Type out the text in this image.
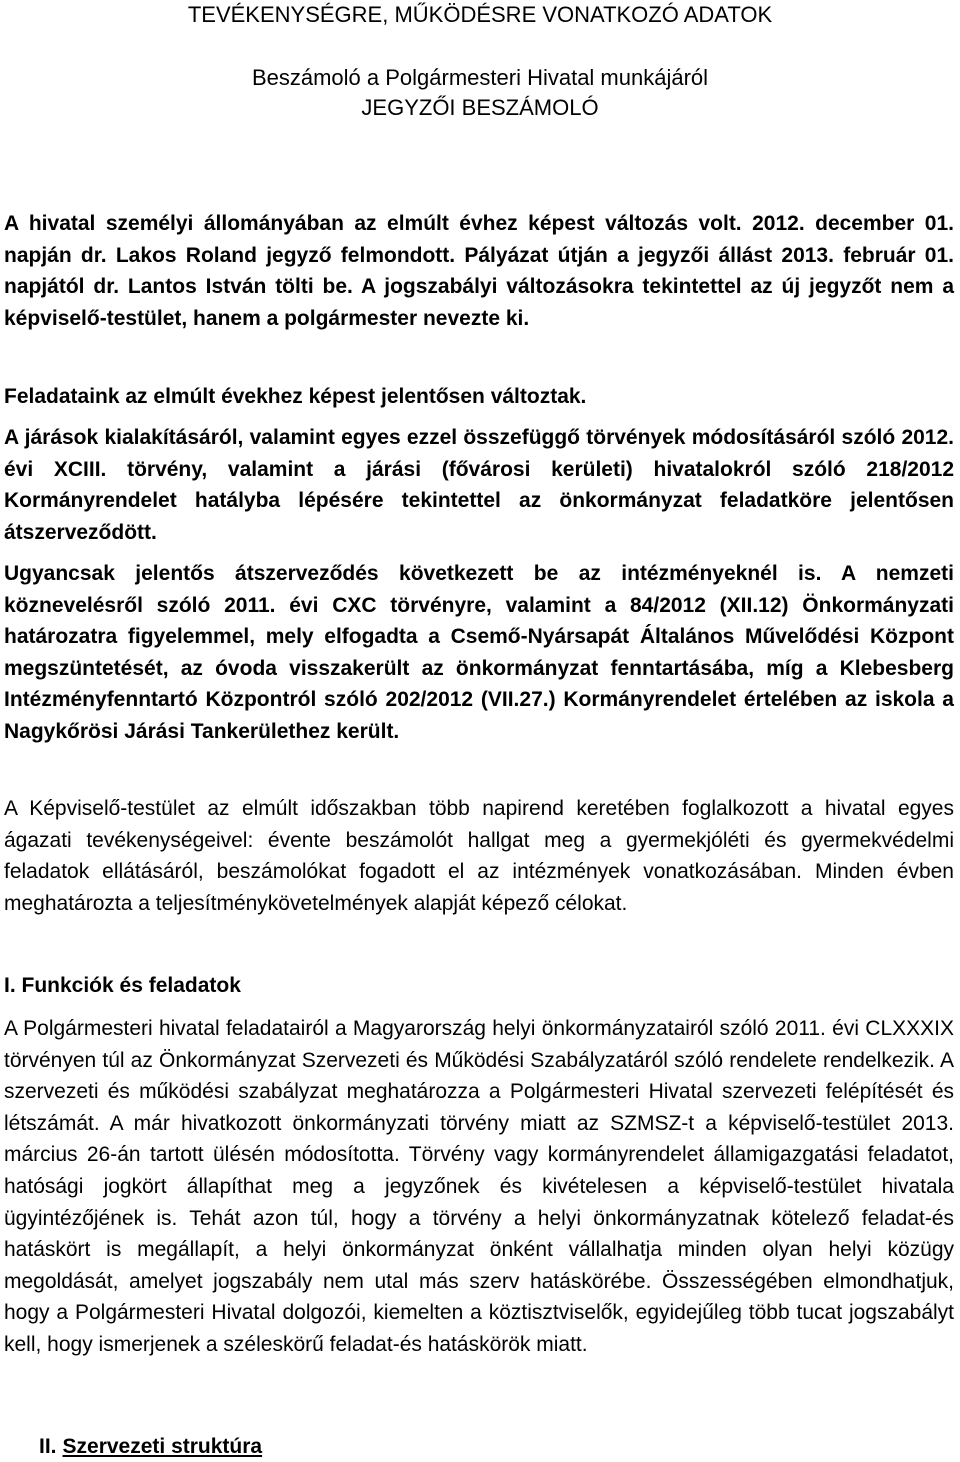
TEVÉKENYSÉGRE, MŰKÖDÉSRE VONATKOZÓ ADATOK
Beszámoló a Polgármesteri Hivatal munkájáról
JEGYZŐI BESZÁMOLÓ
A hivatal személyi állományában az elmúlt évhez képest változás volt. 2012. december 01. napján dr. Lakos Roland jegyző felmondott. Pályázat útján a jegyzői állást 2013. február 01. napjától dr. Lantos István tölti be. A jogszabályi változásokra tekintettel az új jegyzőt nem a képviselő-testület, hanem a polgármester nevezte ki.
Feladataink az elmúlt évekhez képest jelentősen változtak.
A járások kialakításáról, valamint egyes ezzel összefüggő törvények módosításáról szóló 2012. évi XCIII. törvény, valamint a járási (fővárosi kerületi) hivatalokról szóló 218/2012 Kormányrendelet hatályba lépésére tekintettel az önkormányzat feladatköre jelentősen átszerveződött.
Ugyancsak jelentős átszerveződés következett be az intézményeknél is. A nemzeti köznevelésről szóló 2011. évi CXC törvényre, valamint a 84/2012 (XII.12) Önkormányzati határozatra figyelemmel, mely elfogadta a Csemő-Nyársapát Általános Művelődési Központ megszüntetését, az óvoda visszakerült az önkormányzat fenntartásába, míg a Klebesberg Intézményfenntartó Központról szóló 202/2012 (VII.27.) Kormányrendelet értelében az iskola a Nagykőrösi Járási Tankerülethez került.
A Képviselő-testület az elmúlt időszakban több napirend keretében foglalkozott a hivatal egyes ágazati tevékenységeivel: évente beszámolót hallgat meg a gyermekjóléti és gyermekvédelmi feladatok ellátásáról, beszámolókat fogadott el az intézmények vonatkozásában. Minden évben meghatározta a teljesítménykövetelmények alapját képező célokat.
I. Funkciók és feladatok
A Polgármesteri hivatal feladatairól a Magyarország helyi önkormányzatairól szóló 2011. évi CLXXXIX törvényen túl az Önkormányzat Szervezeti és Működési Szabályzatáról szóló rendelete rendelkezik. A szervezeti és működési szabályzat meghatározza a Polgármesteri Hivatal szervezeti felépítését és létszámát. A már hivatkozott önkormányzati törvény miatt az SZMSZ-t a képviselő-testület 2013. március 26-án tartott ülésén módosította. Törvény vagy kormányrendelet államigazgatási feladatot, hatósági jogkört állapíthat meg a jegyzőnek és kivételesen a képviselő-testület hivatala ügyintézőjének is. Tehát azon túl, hogy a törvény a helyi önkormányzatnak kötelező feladat-és hatáskört is megállapít, a helyi önkormányzat önként vállalhatja minden olyan helyi közügy megoldását, amelyet jogszabály nem utal más szerv hatáskörébe. Összességében elmondhatjuk, hogy a Polgármesteri Hivatal dolgozói, kiemelten a köztisztviselők, egyidejűleg több tucat jogszabályt kell, hogy ismerjenek a széleskörű feladat-és hatáskörök miatt.
II. Szervezeti struktúra
